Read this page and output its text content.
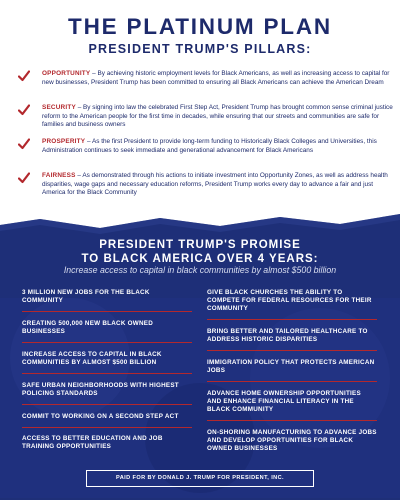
THE PLATINUM PLAN
PRESIDENT TRUMP'S PILLARS:
OPPORTUNITY – By achieving historic employment levels for Black Americans, as well as increasing access to capital for new businesses, President Trump has been committed to ensuring all Black Americans can achieve the American Dream
SECURITY – By signing into law the celebrated First Step Act, President Trump has brought common sense criminal justice reform to the American people for the first time in decades, while ensuring that our streets and communities are safe for families and business owners
PROSPERITY – As the first President to provide long-term funding to Historically Black Colleges and Universities, this Administration continues to seek immediate and generational advancement for Black Americans
FAIRNESS – As demonstrated through his actions to initiate investment into Opportunity Zones, as well as address health disparities, wage gaps and necessary education reforms, President Trump works every day to advance a fair and just America for the Black Community
PRESIDENT TRUMP'S PROMISE
TO BLACK AMERICA OVER 4 YEARS:
Increase access to capital in black communities by almost $500 billion
3 MILLION NEW JOBS FOR THE BLACK COMMUNITY
CREATING 500,000 NEW BLACK OWNED BUSINESSES
INCREASE ACCESS TO CAPITAL IN BLACK COMMUNITIES BY ALMOST $500 BILLION
SAFE URBAN NEIGHBORHOODS WITH HIGHEST POLICING STANDARDS
COMMIT TO WORKING ON A SECOND STEP ACT
ACCESS TO BETTER EDUCATION AND JOB TRAINING OPPORTUNITIES
GIVE BLACK CHURCHES THE ABILITY TO COMPETE FOR FEDERAL RESOURCES FOR THEIR COMMUNITY
BRING BETTER AND TAILORED HEALTHCARE TO ADDRESS HISTORIC DISPARITIES
IMMIGRATION POLICY THAT PROTECTS AMERICAN JOBS
ADVANCE HOME OWNERSHIP OPPORTUNITIES AND ENHANCE FINANCIAL LITERACY IN THE BLACK COMMUNITY
ON-SHORING MANUFACTURING TO ADVANCE JOBS AND DEVELOP OPPORTUNITIES FOR BLACK OWNED BUSINESSES
PAID FOR BY DONALD J. TRUMP FOR PRESIDENT, INC.
